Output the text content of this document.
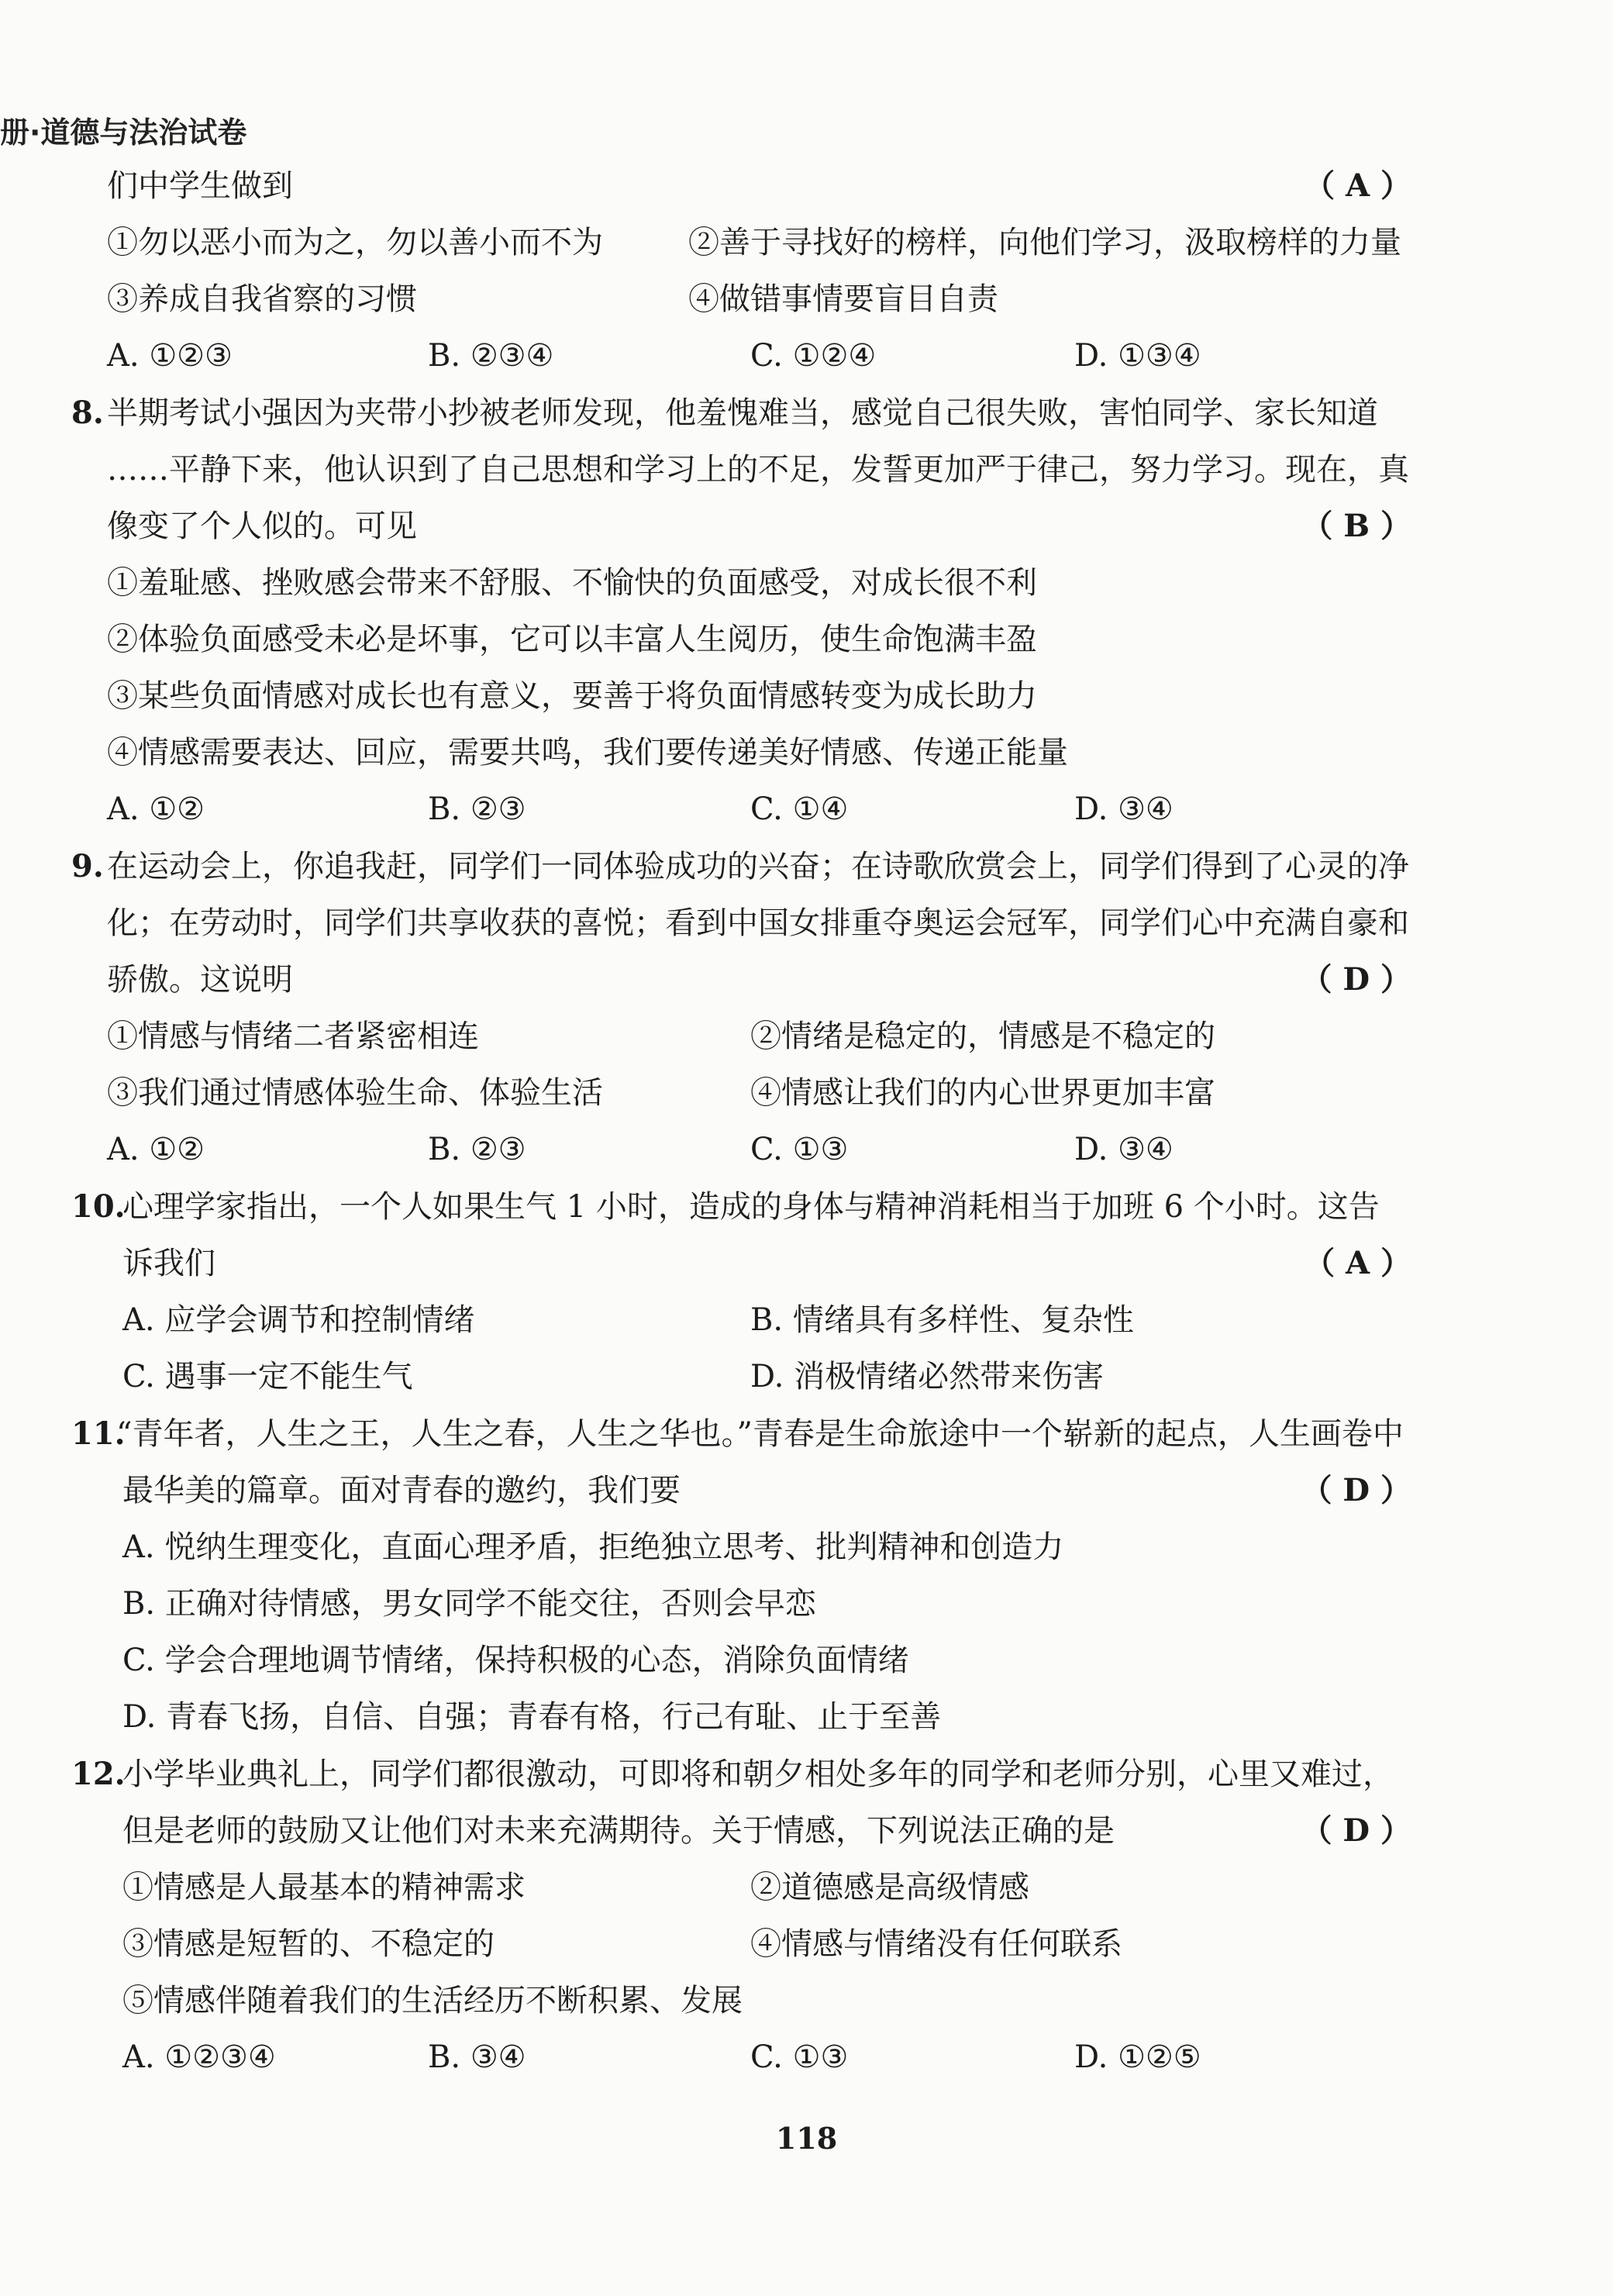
册·道德与法治试卷
们中学生做到	（ A ）
①勿以恶小而为之，勿以善小而不为	②善于寻找好的榜样，向他们学习，汲取榜样的力量
③养成自我省察的习惯	④做错事情要盲目自责
A. ①②③	B. ②③④	C. ①②④	D. ①③④
8. 半期考试小强因为夹带小抄被老师发现，他羞愧难当，感觉自己很失败，害怕同学、家长知道
……平静下来，他认识到了自己思想和学习上的不足，发誓更加严于律己，努力学习。现在，真
像变了个人似的。可见	（ B ）
①羞耻感、挫败感会带来不舒服、不愉快的负面感受，对成长很不利
②体验负面感受未必是坏事，它可以丰富人生阅历，使生命饱满丰盈
③某些负面情感对成长也有意义，要善于将负面情感转变为成长助力
④情感需要表达、回应，需要共鸣，我们要传递美好情感、传递正能量
A. ①②	B. ②③	C. ①④	D. ③④
9. 在运动会上，你追我赶，同学们一同体验成功的兴奋；在诗歌欣赏会上，同学们得到了心灵的净
化；在劳动时，同学们共享收获的喜悦；看到中国女排重夺奥运会冠军，同学们心中充满自豪和
骄傲。这说明	（ D ）
①情感与情绪二者紧密相连	②情绪是稳定的，情感是不稳定的
③我们通过情感体验生命、体验生活	④情感让我们的内心世界更加丰富
A. ①②	B. ②③	C. ①③	D. ③④
10.
心理学家指出，一个人如果生气 1 小时，造成的身体与精神消耗相当于加班 6 个小时。这告
诉我们	（ A ）
A. 应学会调节和控制情绪	B. 情绪具有多样性、复杂性
C. 遇事一定不能生气	D. 消极情绪必然带来伤害
11.
“青年者，人生之王，人生之春，人生之华也。”青春是生命旅途中一个崭新的起点，人生画卷中
最华美的篇章。面对青春的邀约，我们要	（ D ）
A. 悦纳生理变化，直面心理矛盾，拒绝独立思考、批判精神和创造力
B. 正确对待情感，男女同学不能交往，否则会早恋
C. 学会合理地调节情绪，保持积极的心态，消除负面情绪
D. 青春飞扬，自信、自强；青春有格，行己有耻、止于至善
12.
小学毕业典礼上，同学们都很激动，可即将和朝夕相处多年的同学和老师分别，心里又难过，
但是老师的鼓励又让他们对未来充满期待。关于情感，下列说法正确的是	（ D ）
①情感是人最基本的精神需求	②道德感是高级情感
③情感是短暂的、不稳定的	④情感与情绪没有任何联系
⑤情感伴随着我们的生活经历不断积累、发展
A. ①②③④	B. ③④	C. ①③	D. ①②⑤
118
